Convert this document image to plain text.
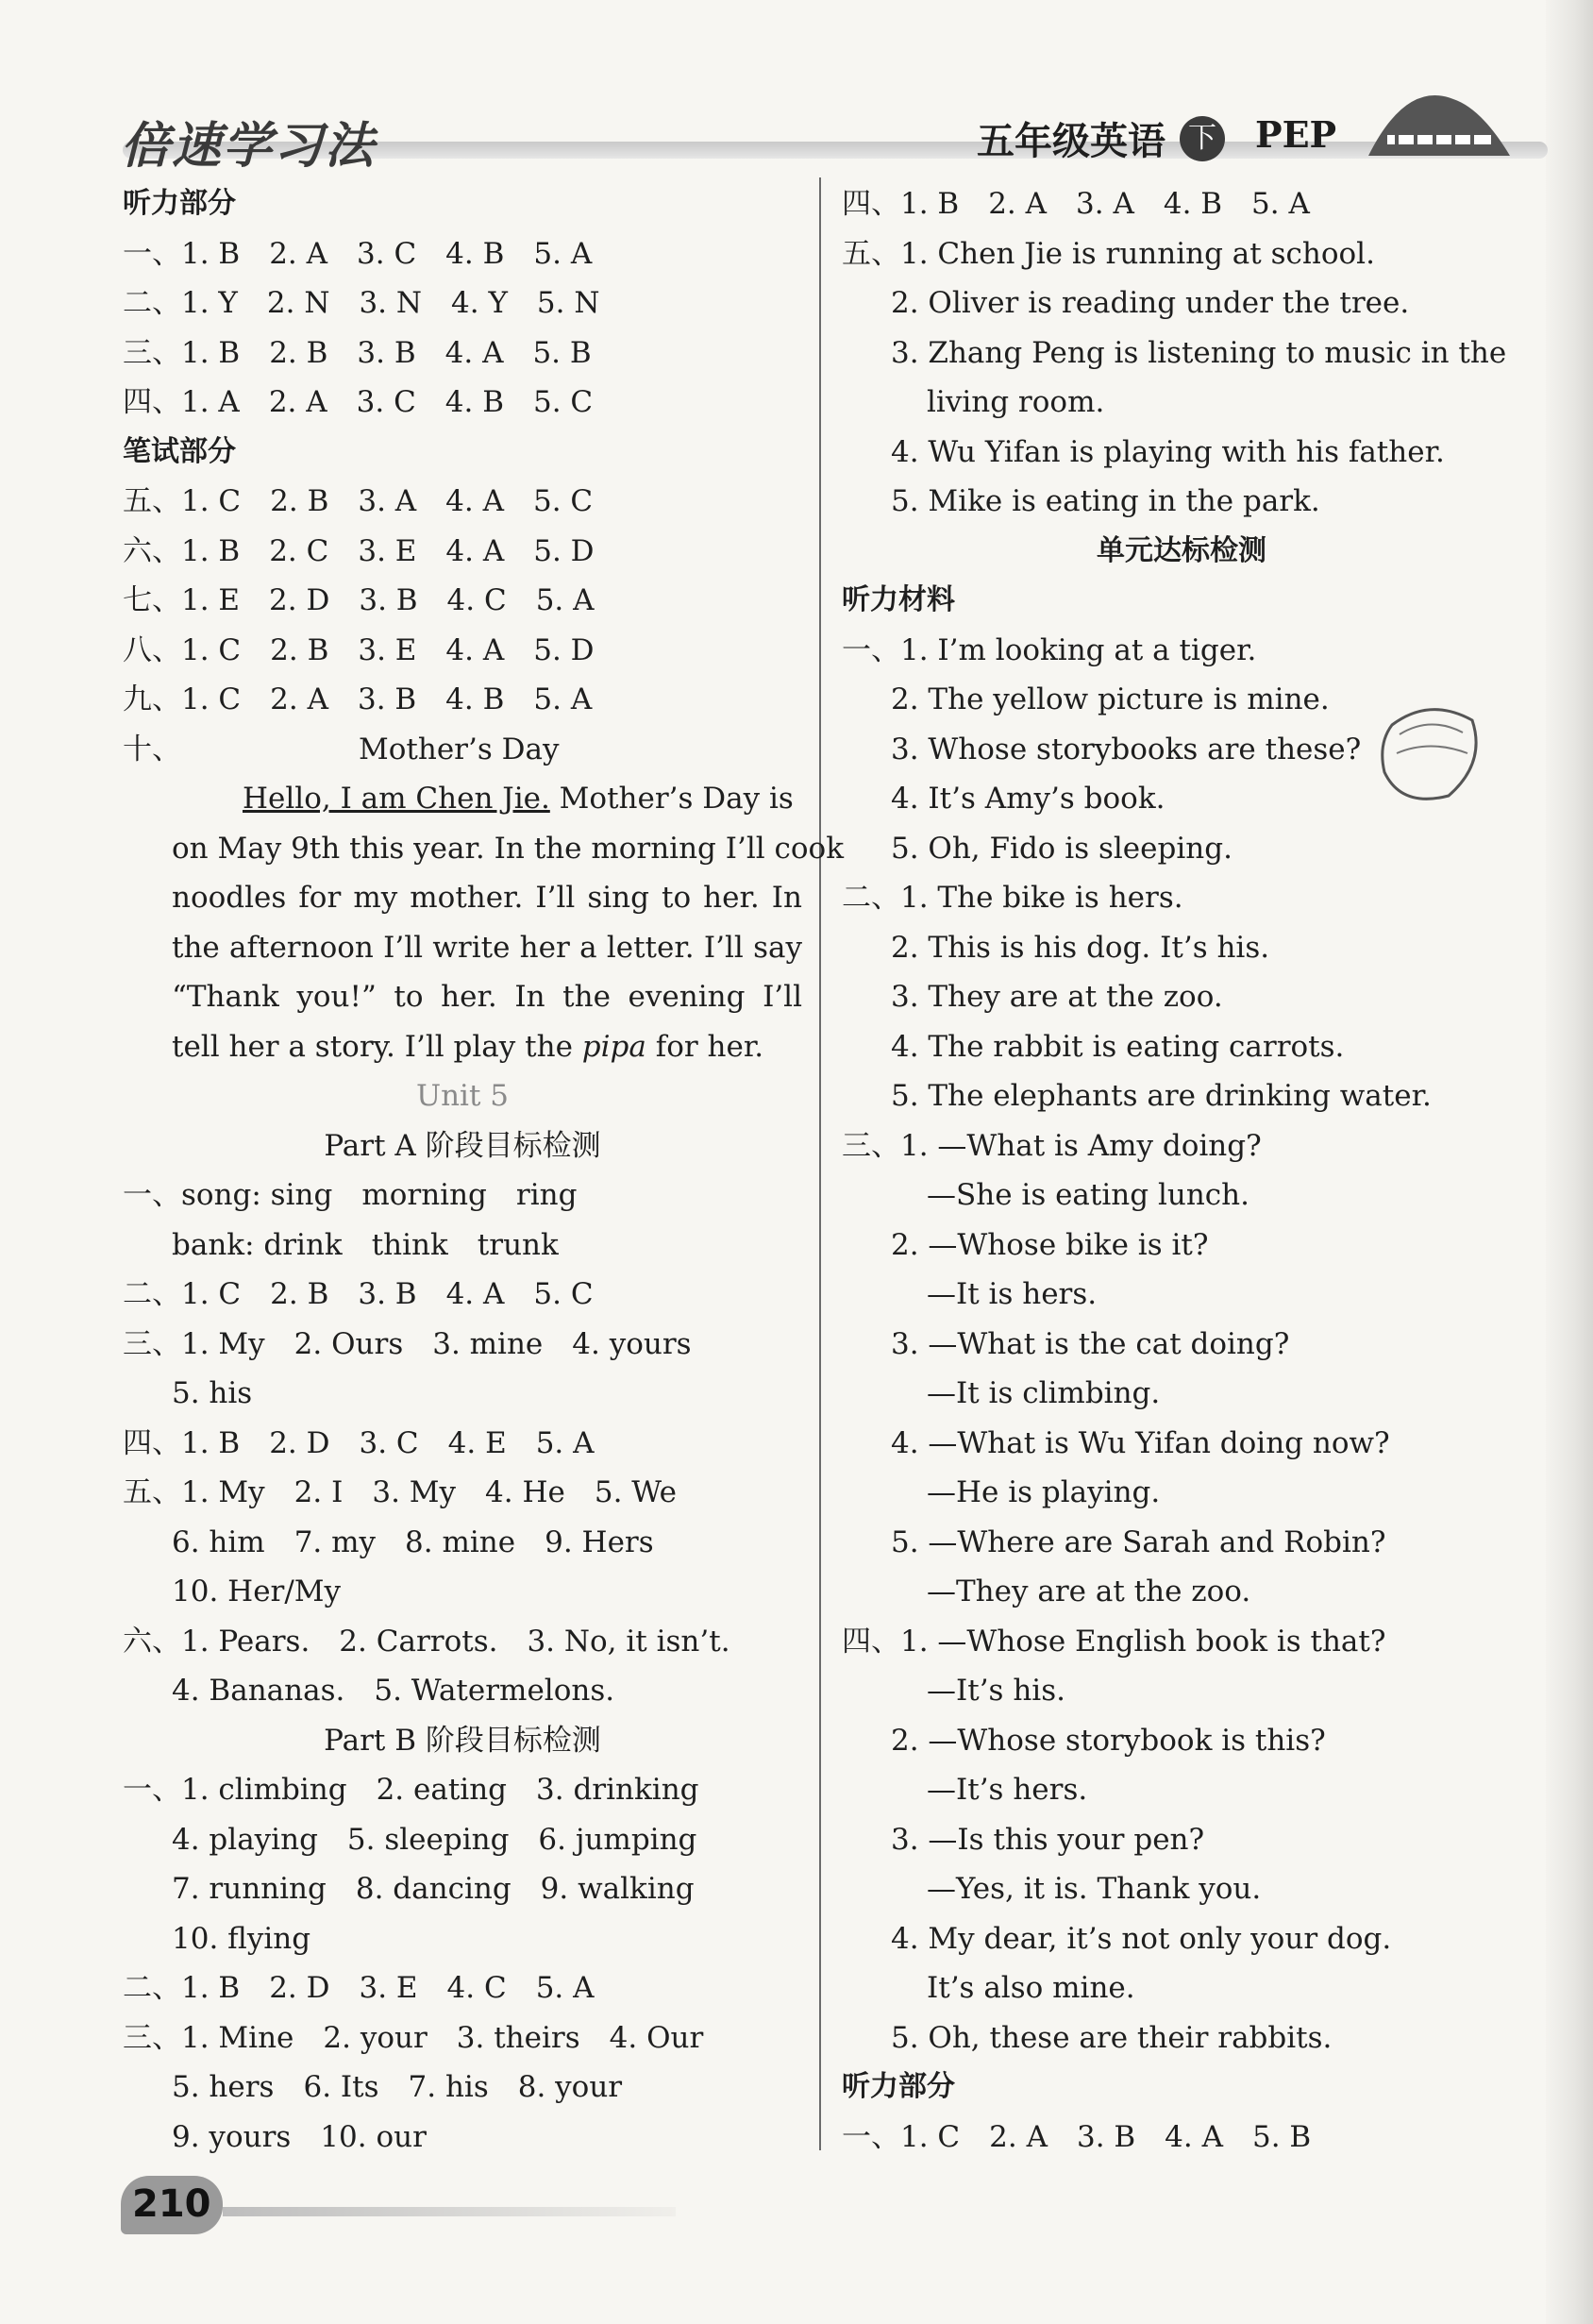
倍速学习法	五年级英语 下 PEP
听力部分
一、1. B　2. A　3. C　4. B　5. A
二、1. Y　2. N　3. N　4. Y　5. N
三、1. B　2. B　3. B　4. A　5. B
四、1. A　2. A　3. C　4. B　5. C
笔试部分
五、1. C　2. B　3. A　4. A　5. C
六、1. B　2. C　3. E　4. A　5. D
七、1. E　2. D　3. B　4. C　5. A
八、1. C　2. B　3. E　4. A　5. D
九、1. C　2. A　3. B　4. B　5. A
十、	Mother’s Day
Hello, I am Chen Jie. Mother’s Day is
on May 9th this year. In the morning I’ll cook
noodles for my mother. I’ll sing to her. In
the afternoon I’ll write her a letter. I’ll say
“Thank you!” to her. In the evening I’ll
tell her a story. I’ll play the pipa for her.
Unit 5
Part A 阶段目标检测
一、song: sing　morning　ring
bank: drink　think　trunk
二、1. C　2. B　3. B　4. A　5. C
三、1. My　2. Ours　3. mine　4. yours
5. his
四、1. B　2. D　3. C　4. E　5. A
五、1. My　2. I　3. My　4. He　5. We
6. him　7. my　8. mine　9. Hers
10. Her/My
六、1. Pears.　2. Carrots.　3. No, it isn’t.
4. Bananas.　5. Watermelons.
Part B 阶段目标检测
一、1. climbing　2. eating　3. drinking
4. playing　5. sleeping　6. jumping
7. running　8. dancing　9. walking
10. flying
二、1. B　2. D　3. E　4. C　5. A
三、1. Mine　2. your　3. theirs　4. Our
5. hers　6. Its　7. his　8. your
9. yours　10. our
四、1. B　2. A　3. A　4. B　5. A
五、1. Chen Jie is running at school.
2. Oliver is reading under the tree.
3. Zhang Peng is listening to music in the
living room.
4. Wu Yifan is playing with his father.
5. Mike is eating in the park.
单元达标检测
听力材料
一、1. I’m looking at a tiger.
2. The yellow picture is mine.
3. Whose storybooks are these?
4. It’s Amy’s book.
5. Oh, Fido is sleeping.
二、1. The bike is hers.
2. This is his dog. It’s his.
3. They are at the zoo.
4. The rabbit is eating carrots.
5. The elephants are drinking water.
三、1. —What is Amy doing?
—She is eating lunch.
2. —Whose bike is it?
—It is hers.
3. —What is the cat doing?
—It is climbing.
4. —What is Wu Yifan doing now?
—He is playing.
5. —Where are Sarah and Robin?
—They are at the zoo.
四、1. —Whose English book is that?
—It’s his.
2. —Whose storybook is this?
—It’s hers.
3. —Is this your pen?
—Yes, it is. Thank you.
4. My dear, it’s not only your dog.
It’s also mine.
5. Oh, these are their rabbits.
听力部分
一、1. C　2. A　3. B　4. A　5. B
210
